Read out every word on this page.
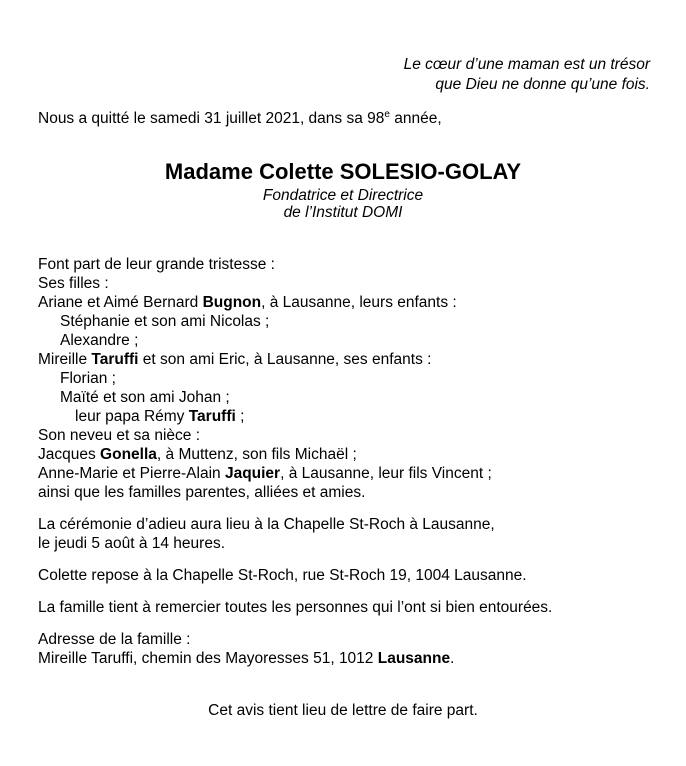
Le cœur d’une maman est un trésor
que Dieu ne donne qu’une fois.
Nous a quitté le samedi 31 juillet 2021, dans sa 98e année,
Madame Colette SOLESIO-GOLAY
Fondatrice et Directrice
de l’Institut DOMI
Font part de leur grande tristesse :
Ses filles :
Ariane et Aimé Bernard Bugnon, à Lausanne, leurs enfants :
Stéphanie et son ami Nicolas ;
Alexandre ;
Mireille Taruffi et son ami Eric, à Lausanne, ses enfants :
Florian ;
Maïté et son ami Johan ;
leur papa Rémy Taruffi ;
Son neveu et sa nièce :
Jacques Gonella, à Muttenz, son fils Michaël ;
Anne-Marie et Pierre-Alain Jaquier, à Lausanne, leur fils Vincent ;
ainsi que les familles parentes, alliées et amies.
La cérémonie d’adieu aura lieu à la Chapelle St-Roch à Lausanne,
le jeudi 5 août à 14 heures.
Colette repose à la Chapelle St-Roch, rue St-Roch 19, 1004 Lausanne.
La famille tient à remercier toutes les personnes qui l’ont si bien entourées.
Adresse de la famille :
Mireille Taruffi, chemin des Mayoresses 51, 1012 Lausanne.
Cet avis tient lieu de lettre de faire part.
